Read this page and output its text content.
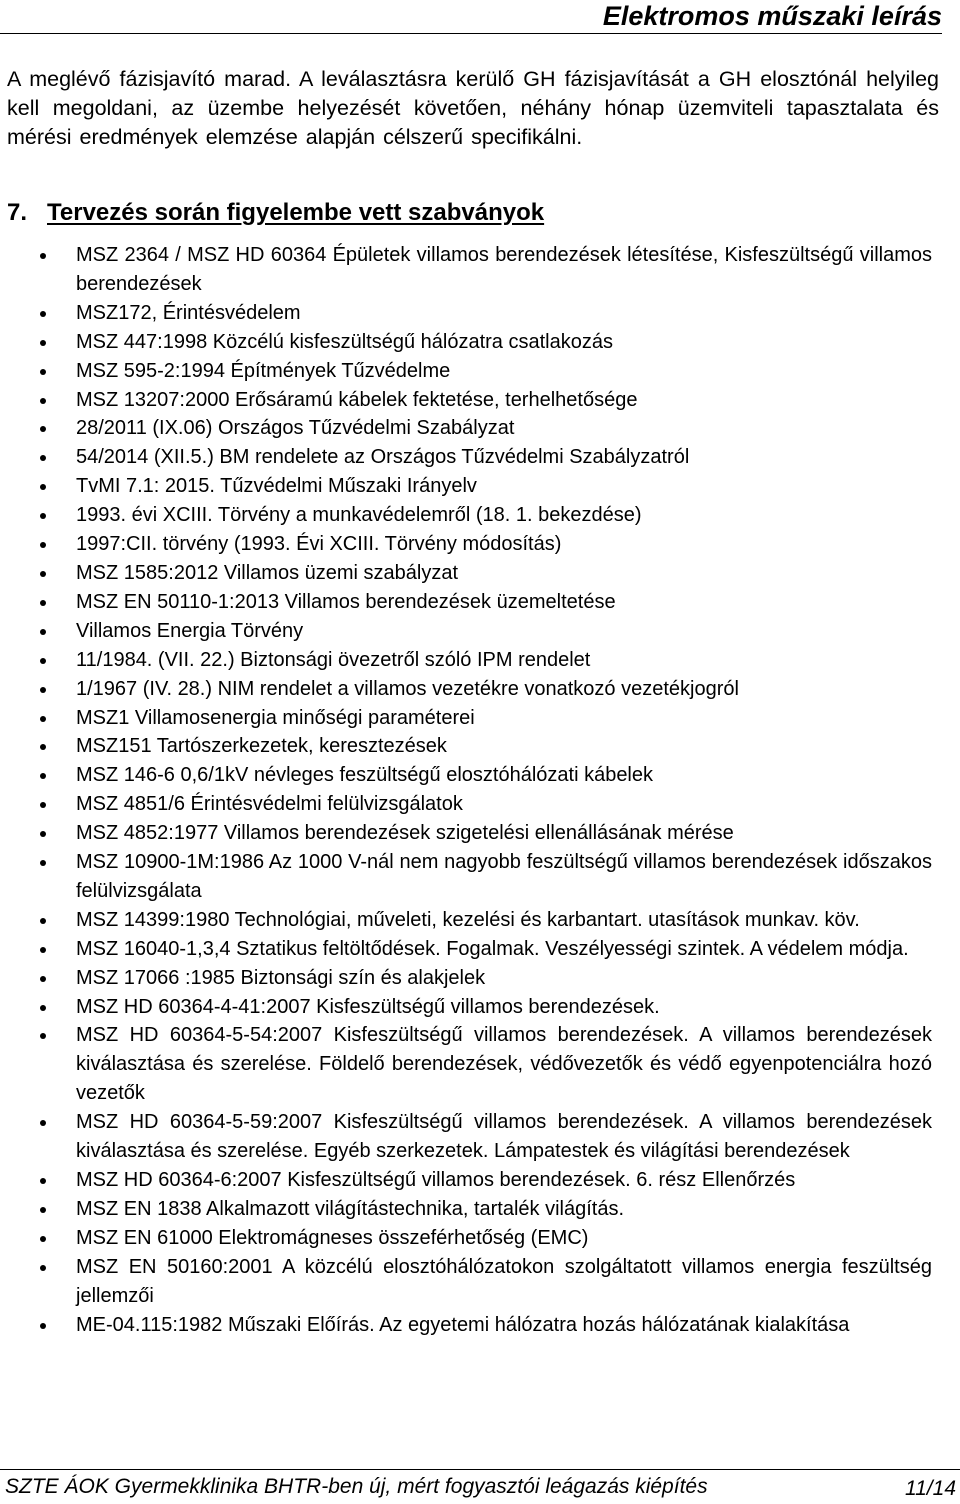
Elektromos műszaki leírás

A meglévő fázisjavító marad. A leválasztásra kerülő GH fázisjavítását a GH elosztónál helyileg kell megoldani, az üzembe helyezését követően, néhány hónap üzemviteli tapasztalata és mérési eredmények elemzése alapján célszerű specifikálni.

7. Tervezés során figyelembe vett szabványok
MSZ 2364 / MSZ HD 60364 Épületek villamos berendezések létesítése, Kisfeszültségű villamos berendezések
MSZ172, Érintésvédelem
MSZ 447:1998 Közcélú kisfeszültségű hálózatra csatlakozás
MSZ 595-2:1994 Építmények Tűzvédelme
MSZ 13207:2000 Erősáramú kábelek fektetése, terhelhetősége
28/2011 (IX.06) Országos Tűzvédelmi Szabályzat
54/2014 (XII.5.) BM rendelete az Országos Tűzvédelmi Szabályzatról
TvMI 7.1: 2015. Tűzvédelmi Műszaki Irányelv
1993. évi XCIII. Törvény a munkavédelemről (18. 1. bekezdése)
1997:CII. törvény (1993. Évi XCIII. Törvény módosítás)
MSZ 1585:2012 Villamos üzemi szabályzat
MSZ EN 50110-1:2013 Villamos berendezések üzemeltetése
Villamos Energia Törvény
11/1984. (VII. 22.) Biztonsági övezetről szóló IPM rendelet
1/1967 (IV. 28.) NIM rendelet a villamos vezetékre vonatkozó vezetékjogról
MSZ1 Villamosenergia minőségi paraméterei
MSZ151 Tartószerkezetek, keresztezések
MSZ 146-6 0,6/1kV névleges feszültségű elosztóhálózati kábelek
MSZ 4851/6 Érintésvédelmi felülvizsgálatok
MSZ 4852:1977 Villamos berendezések szigetelési ellenállásának mérése
MSZ 10900-1M:1986 Az 1000 V-nál nem nagyobb feszültségű villamos berendezések időszakos felülvizsgálata
MSZ 14399:1980 Technológiai, műveleti, kezelési és karbantart. utasítások munkav. köv.
MSZ 16040-1,3,4 Sztatikus feltöltődések. Fogalmak. Veszélyességi szintek. A védelem módja.
MSZ 17066 :1985 Biztonsági szín és alakjelek
MSZ HD 60364-4-41:2007 Kisfeszültségű villamos berendezések.
MSZ HD 60364-5-54:2007 Kisfeszültségű villamos berendezések. A villamos berendezések kiválasztása és szerelése. Földelő berendezések, védővezetők és védő egyenpotenciálra hozó vezetők
MSZ HD 60364-5-59:2007 Kisfeszültségű villamos berendezések. A villamos berendezések kiválasztása és szerelése. Egyéb szerkezetek. Lámpatestek és világítási berendezések
MSZ HD 60364-6:2007 Kisfeszültségű villamos berendezések. 6. rész Ellenőrzés
MSZ EN 1838 Alkalmazott világítástechnika, tartalék világítás.
MSZ EN 61000 Elektromágneses összeférhetőség (EMC)
MSZ EN 50160:2001 A közcélú elosztóhálózatokon szolgáltatott villamos energia feszültség jellemzői
ME-04.115:1982 Műszaki Előírás. Az egyetemi hálózatra hozás hálózatának kialakítása
SZTE ÁOK Gyermekklinika BHTR-ben új, mért fogyasztói leágazás kiépítés	11/14
